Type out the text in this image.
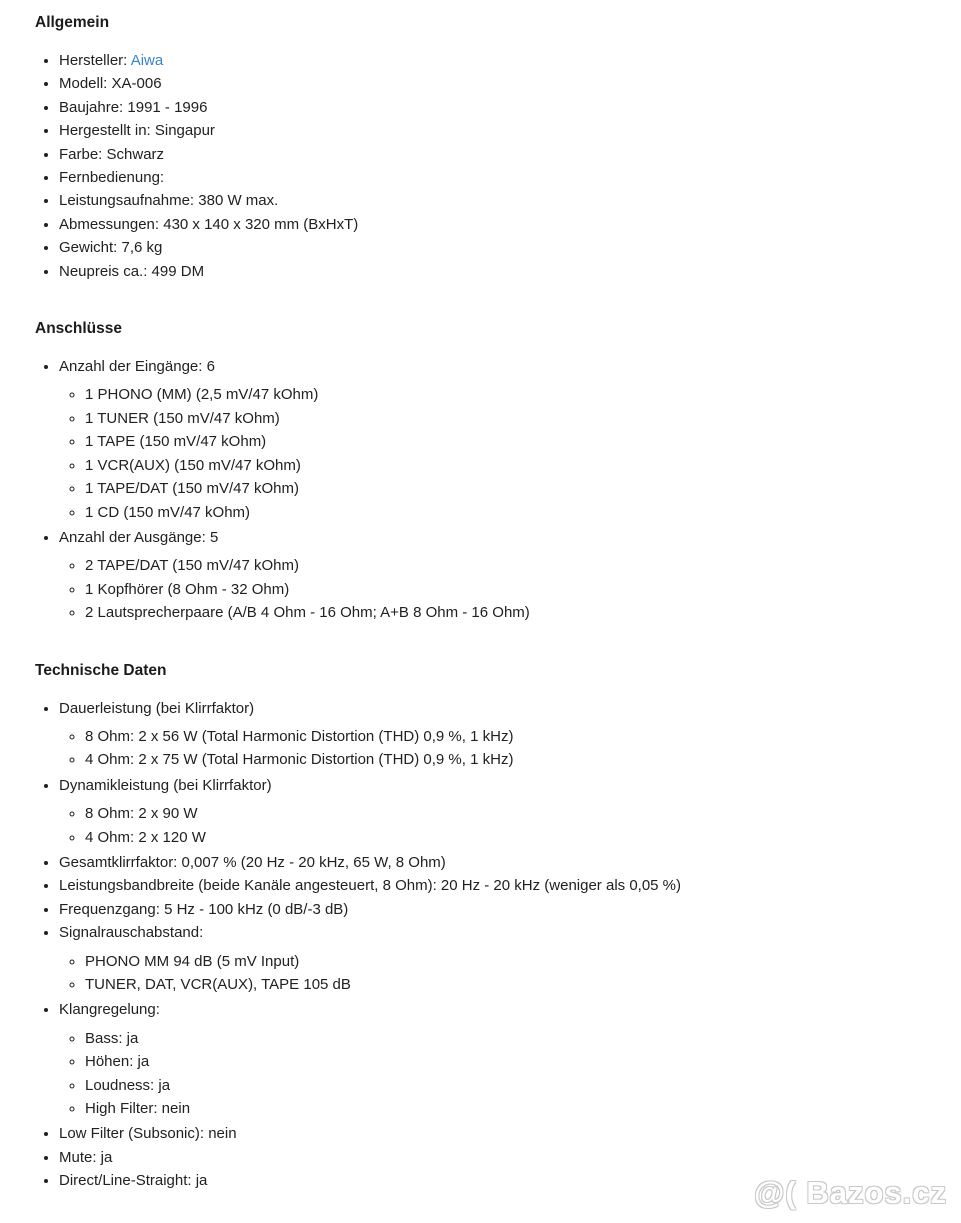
Allgemein
• Hersteller: Aiwa
• Modell: XA-006
• Baujahre: 1991 - 1996
• Hergestellt in: Singapur
• Farbe: Schwarz
• Fernbedienung:
• Leistungsaufnahme: 380 W max.
• Abmessungen: 430 x 140 x 320 mm (BxHxT)
• Gewicht: 7,6 kg
• Neupreis ca.: 499 DM
Anschlüsse
• Anzahl der Eingänge: 6
◦ 1 PHONO (MM) (2,5 mV/47 kOhm)
◦ 1 TUNER (150 mV/47 kOhm)
◦ 1 TAPE (150 mV/47 kOhm)
◦ 1 VCR(AUX) (150 mV/47 kOhm)
◦ 1 TAPE/DAT (150 mV/47 kOhm)
◦ 1 CD (150 mV/47 kOhm)
• Anzahl der Ausgänge: 5
◦ 2 TAPE/DAT (150 mV/47 kOhm)
◦ 1 Kopfhörer (8 Ohm - 32 Ohm)
◦ 2 Lautsprecherpaare (A/B 4 Ohm - 16 Ohm; A+B 8 Ohm - 16 Ohm)
Technische Daten
• Dauerleistung (bei Klirrfaktor)
◦ 8 Ohm: 2 x 56 W (Total Harmonic Distortion (THD) 0,9 %, 1 kHz)
◦ 4 Ohm: 2 x 75 W (Total Harmonic Distortion (THD) 0,9 %, 1 kHz)
• Dynamikleistung (bei Klirrfaktor)
◦ 8 Ohm: 2 x 90 W
◦ 4 Ohm: 2 x 120 W
• Gesamtklirrfaktor: 0,007 % (20 Hz - 20 kHz, 65 W, 8 Ohm)
• Leistungsbandbreite (beide Kanäle angesteuert, 8 Ohm): 20 Hz - 20 kHz (weniger als 0,05 %)
• Frequenzgang: 5 Hz - 100 kHz (0 dB/-3 dB)
• Signalrauschabstand:
◦ PHONO MM 94 dB (5 mV Input)
◦ TUNER, DAT, VCR(AUX), TAPE 105 dB
• Klangregelung:
◦ Bass: ja
◦ Höhen: ja
◦ Loudness: ja
◦ High Filter: nein
• Low Filter (Subsonic): nein
• Mute: ja
• Direct/Line-Straight: ja	@( Bazos.cz
